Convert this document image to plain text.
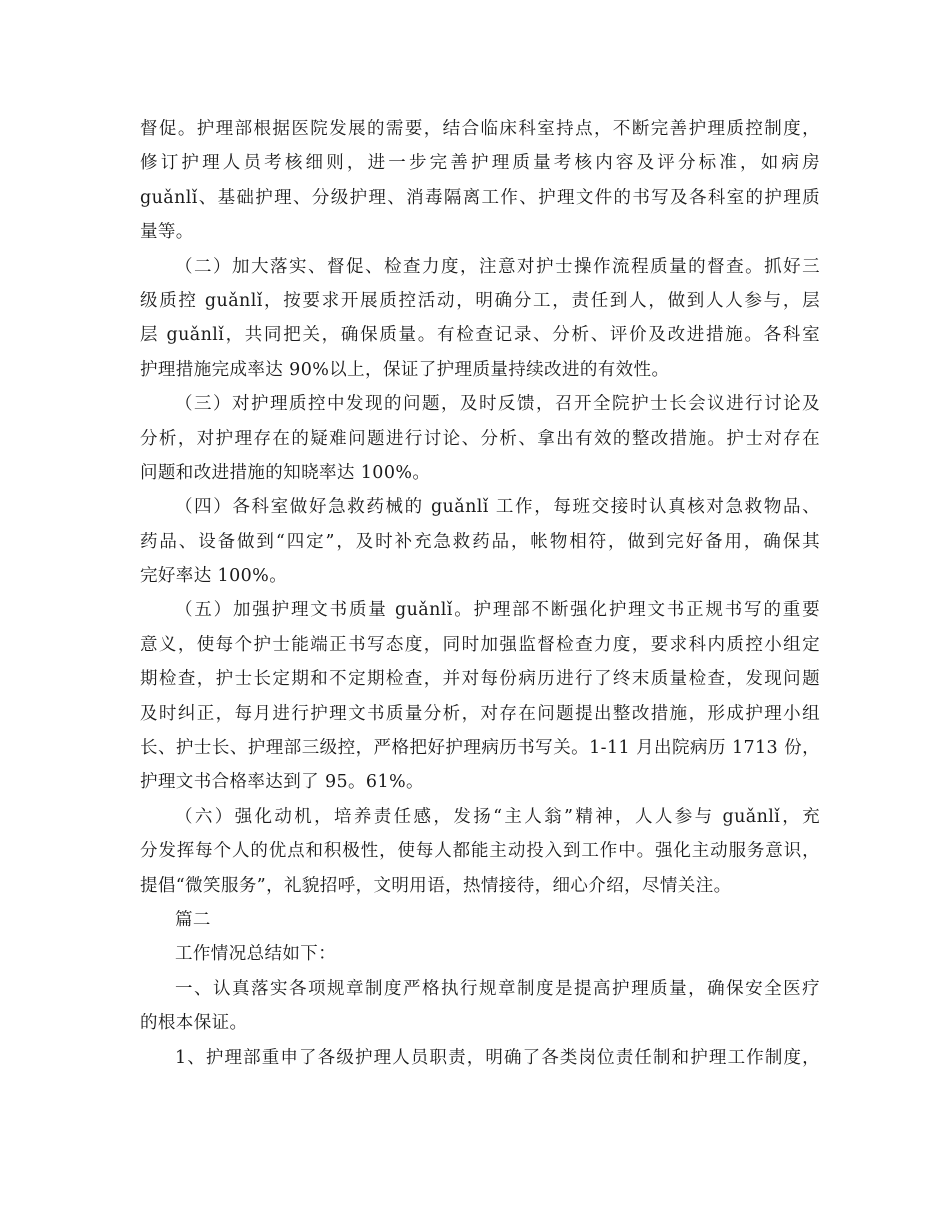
督促。护理部根据医院发展的需要，结合临床科室持点，不断完善护理质控制度，
修订护理人员考核细则，进一步完善护理质量考核内容及评分标准，如病房
guǎnlǐ、基础护理、分级护理、消毒隔离工作、护理文件的书写及各科室的护理质
量等。
（二）加大落实、督促、检查力度，注意对护士操作流程质量的督查。抓好三
级质控 guǎnlǐ，按要求开展质控活动，明确分工，责任到人，做到人人参与，层
层 guǎnlǐ，共同把关，确保质量。有检查记录、分析、评价及改进措施。各科室
护理措施完成率达 90%以上，保证了护理质量持续改进的有效性。
（三）对护理质控中发现的问题，及时反馈，召开全院护士长会议进行讨论及
分析，对护理存在的疑难问题进行讨论、分析、拿出有效的整改措施。护士对存在
问题和改进措施的知晓率达 100%。
（四）各科室做好急救药械的 guǎnlǐ 工作，每班交接时认真核对急救物品、
药品、设备做到“四定”，及时补充急救药品，帐物相符，做到完好备用，确保其
完好率达 100%。
（五）加强护理文书质量 guǎnlǐ。护理部不断强化护理文书正规书写的重要
意义，使每个护士能端正书写态度，同时加强监督检查力度，要求科内质控小组定
期检查，护士长定期和不定期检查，并对每份病历进行了终末质量检查，发现问题
及时纠正，每月进行护理文书质量分析，对存在问题提出整改措施，形成护理小组
长、护士长、护理部三级控，严格把好护理病历书写关。1-11 月出院病历 1713 份，
护理文书合格率达到了 95。61%。
（六）强化动机，培养责任感，发扬“主人翁”精神，人人参与 guǎnlǐ，充
分发挥每个人的优点和积极性，使每人都能主动投入到工作中。强化主动服务意识，
提倡“微笑服务”，礼貌招呼，文明用语，热情接待，细心介绍，尽情关注。
篇二
工作情况总结如下：
一、认真落实各项规章制度严格执行规章制度是提高护理质量，确保安全医疗
的根本保证。
1、护理部重申了各级护理人员职责，明确了各类岗位责任制和护理工作制度，
